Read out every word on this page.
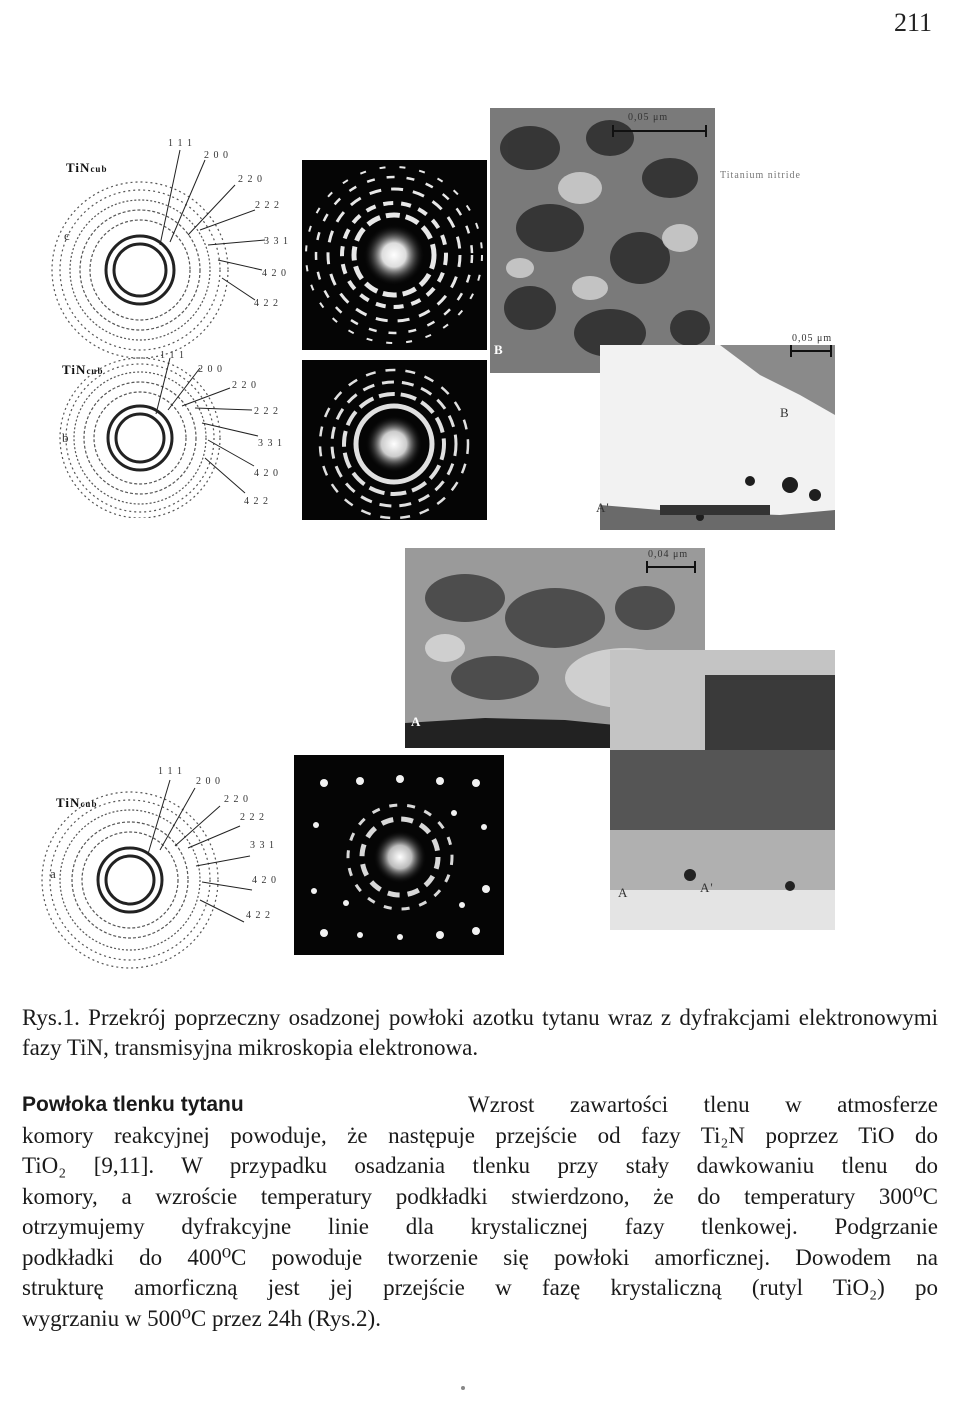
211
TiNcub
c
1 1 1
2 0 0
2 2 0
2 2 2
3 3 1
4 2 0
4 2 2
TiNcub
b
1 1 1
2 0 0
2 2 0
2 2 2
3 3 1
4 2 0
4 2 2
TiNcub
a
1 1 1
2 0 0
2 2 0
2 2 2
3 3 1
4 2 0
4 2 2
0,05 μm
Titanium nitride
B
0,05 μm
B
A'
0,04 μm
A
A	A'
Rys.1. Przekrój poprzeczny osadzonej powłoki azotku tytanu wraz z dyfrakcjami elektronowymi fazy TiN, transmisyjna mikroskopia elektronowa.
Powłoka tlenku tytanu	Wzrost zawartości tlenu w atmosferze
komory reakcyjnej powoduje, że następuje przejście od fazy Ti₂N poprzez TiO do
TiO₂ [9,11]. W przypadku osadzania tlenku przy stały dawkowaniu tlenu do
komory, a wzroście temperatury podkładki stwierdzono, że do temperatury 300⁰C
otrzymujemy dyfrakcyjne linie dla krystalicznej fazy tlenkowej. Podgrzanie
podkładki do 400⁰C powoduje tworzenie się powłoki amorficznej. Dowodem na
strukturę amorficzną jest jej przejście w fazę krystaliczną (rutyl TiO₂) po
wygrzaniu w 500⁰C przez 24h (Rys.2).
